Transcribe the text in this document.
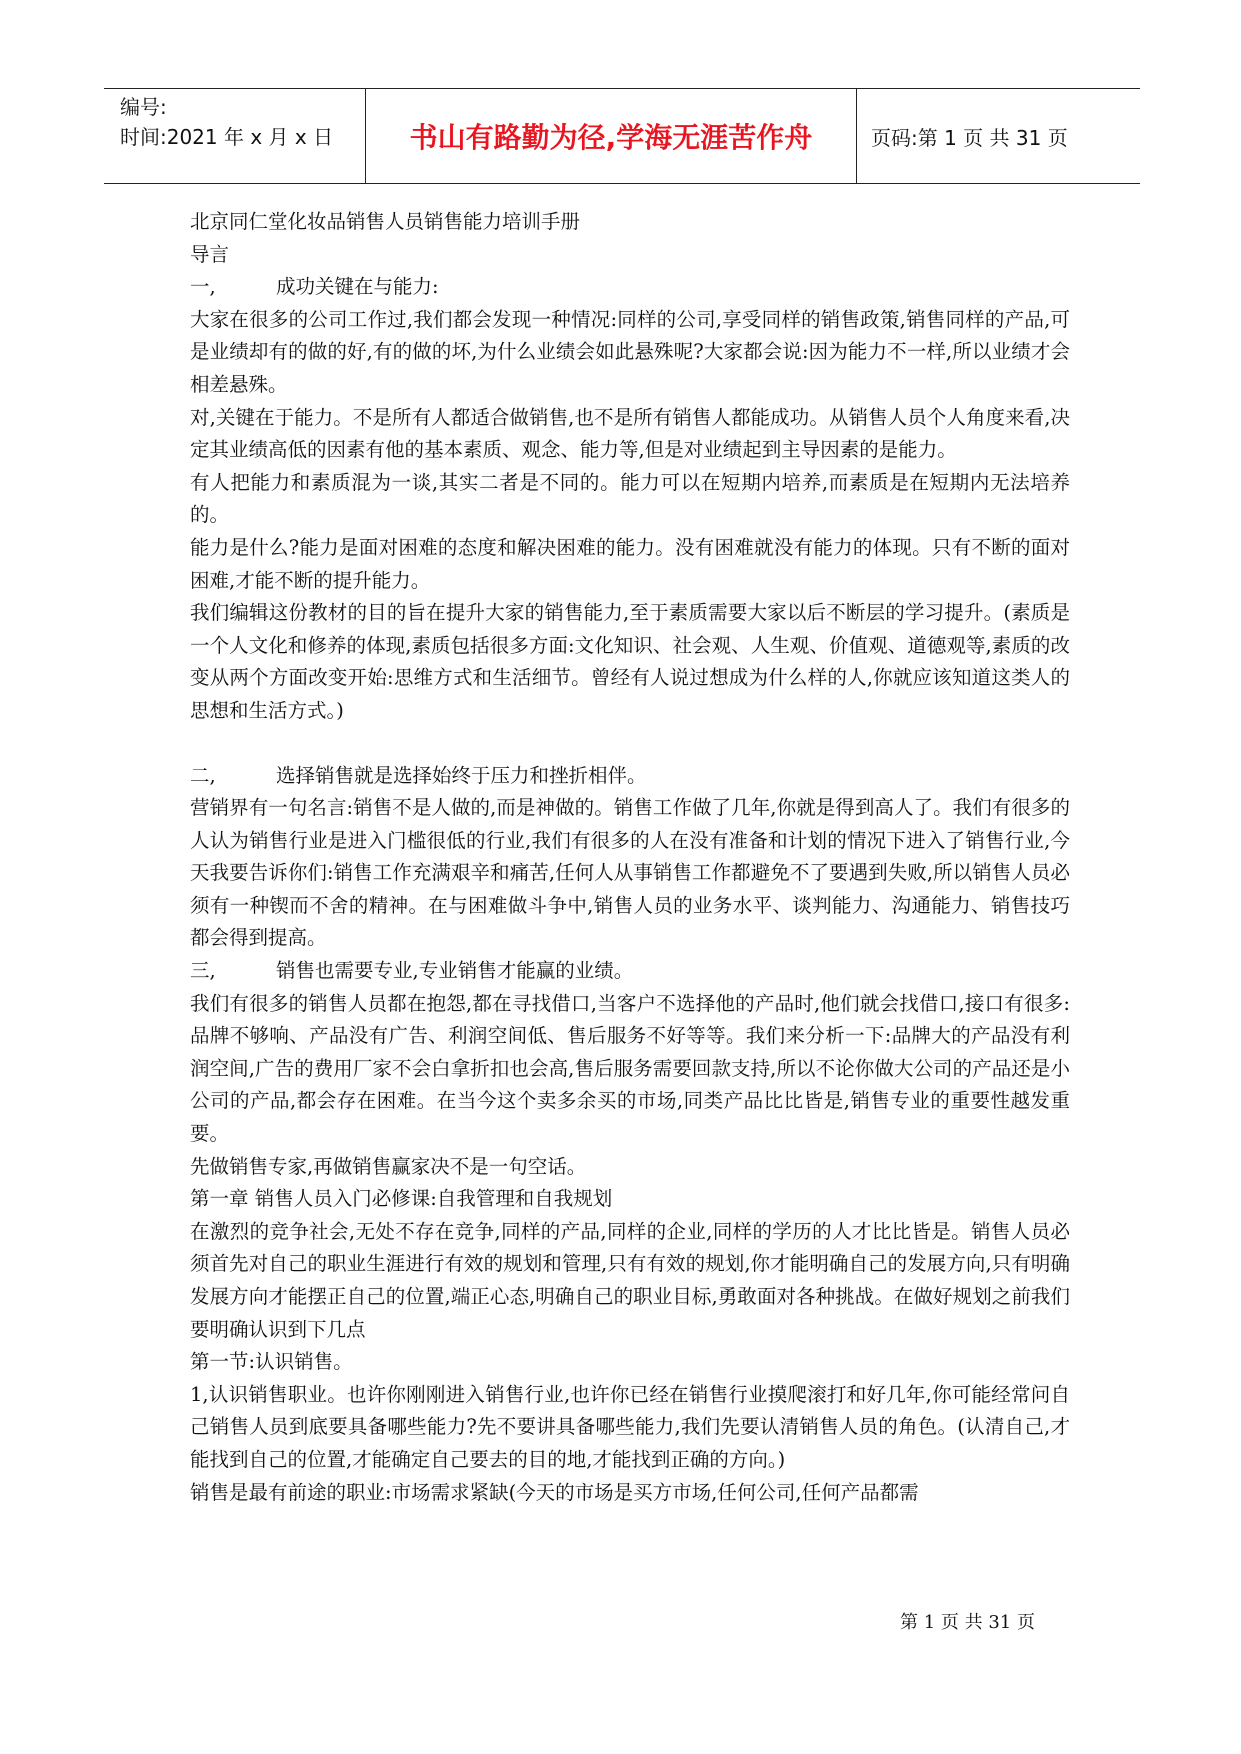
编号:
时间:2021 年 x 月 x 日	书山有路勤为径,学海无涯苦作舟	页码:第 1 页 共 31 页

北京同仁堂化妆品销售人员销售能力培训手册

导言

一,	成功关键在与能力:

大家在很多的公司工作过,我们都会发现一种情况:同样的公司,享受同样的销售政策,销售同样的产品,可是业绩却有的做的好,有的做的坏,为什么业绩会如此悬殊呢?大家都会说:因为能力不一样,所以业绩才会相差悬殊。

对,关键在于能力。不是所有人都适合做销售,也不是所有销售人都能成功。从销售人员个人角度来看,决定其业绩高低的因素有他的基本素质、观念、能力等,但是对业绩起到主导因素的是能力。

有人把能力和素质混为一谈,其实二者是不同的。能力可以在短期内培养,而素质是在短期内无法培养的。

能力是什么?能力是面对困难的态度和解决困难的能力。没有困难就没有能力的体现。只有不断的面对困难,才能不断的提升能力。

我们编辑这份教材的目的旨在提升大家的销售能力,至于素质需要大家以后不断层的学习提升。(素质是一个人文化和修养的体现,素质包括很多方面:文化知识、社会观、人生观、价值观、道德观等,素质的改变从两个方面改变开始:思维方式和生活细节。曾经有人说过想成为什么样的人,你就应该知道这类人的思想和生活方式。)

二,	选择销售就是选择始终于压力和挫折相伴。

营销界有一句名言:销售不是人做的,而是神做的。销售工作做了几年,你就是得到高人了。我们有很多的人认为销售行业是进入门槛很低的行业,我们有很多的人在没有准备和计划的情况下进入了销售行业,今天我要告诉你们:销售工作充满艰辛和痛苦,任何人从事销售工作都避免不了要遇到失败,所以销售人员必须有一种锲而不舍的精神。在与困难做斗争中,销售人员的业务水平、谈判能力、沟通能力、销售技巧都会得到提高。

三,	销售也需要专业,专业销售才能赢的业绩。

我们有很多的销售人员都在抱怨,都在寻找借口,当客户不选择他的产品时,他们就会找借口,接口有很多:品牌不够响、产品没有广告、利润空间低、售后服务不好等等。我们来分析一下:品牌大的产品没有利润空间,广告的费用厂家不会白拿折扣也会高,售后服务需要回款支持,所以不论你做大公司的产品还是小公司的产品,都会存在困难。在当今这个卖多余买的市场,同类产品比比皆是,销售专业的重要性越发重要。

先做销售专家,再做销售赢家决不是一句空话。

第一章 销售人员入门必修课:自我管理和自我规划

在激烈的竞争社会,无处不存在竞争,同样的产品,同样的企业,同样的学历的人才比比皆是。销售人员必须首先对自己的职业生涯进行有效的规划和管理,只有有效的规划,你才能明确自己的发展方向,只有明确发展方向才能摆正自己的位置,端正心态,明确自己的职业目标,勇敢面对各种挑战。在做好规划之前我们要明确认识到下几点

第一节:认识销售。

1,认识销售职业。也许你刚刚进入销售行业,也许你已经在销售行业摸爬滚打和好几年,你可能经常问自己销售人员到底要具备哪些能力?先不要讲具备哪些能力,我们先要认清销售人员的角色。(认清自己,才能找到自己的位置,才能确定自己要去的目的地,才能找到正确的方向。)

销售是最有前途的职业:市场需求紧缺(今天的市场是买方市场,任何公司,任何产品都需

第 1 页 共 31 页
